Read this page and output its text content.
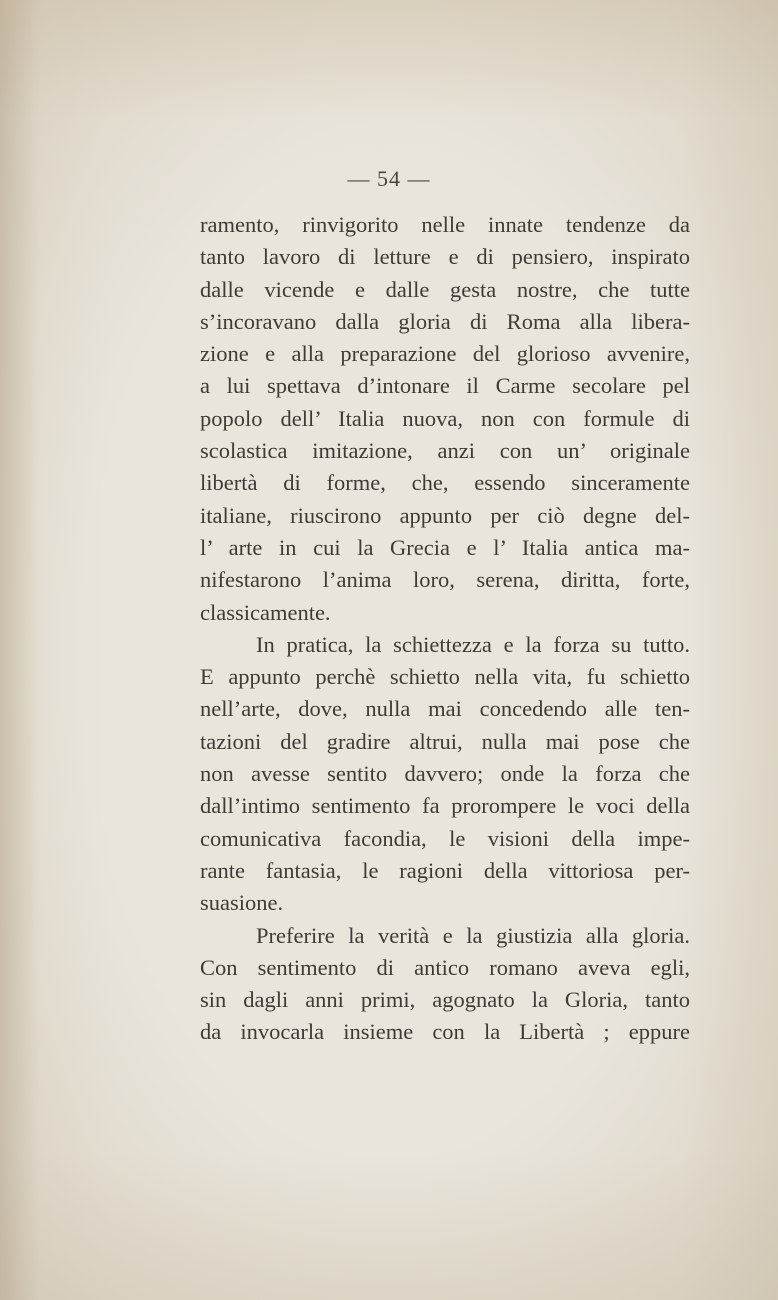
— 54 —
ramento, rinvigorito nelle innate tendenze da
tanto lavoro di letture e di pensiero, inspirato
dalle vicende e dalle gesta nostre, che tutte
s’incoravano dalla gloria di Roma alla libera-
zione e alla preparazione del glorioso avvenire,
a lui spettava d’intonare il Carme secolare pel
popolo dell’ Italia nuova, non con formule di
scolastica imitazione, anzi con un’ originale
libertà di forme, che, essendo sinceramente
italiane, riuscirono appunto per ciò degne del-
l’ arte in cui la Grecia e l’ Italia antica ma-
nifestarono l’anima loro, serena, diritta, forte,
classicamente.
In pratica, la schiettezza e la forza su tutto.
E appunto perchè schietto nella vita, fu schietto
nell’arte, dove, nulla mai concedendo alle ten-
tazioni del gradire altrui, nulla mai pose che
non avesse sentito davvero; onde la forza che
dall’intimo sentimento fa prorompere le voci della
comunicativa facondia, le visioni della impe-
rante fantasia, le ragioni della vittoriosa per-
suasione.
Preferire la verità e la giustizia alla gloria.
Con sentimento di antico romano aveva egli,
sin dagli anni primi, agognato la Gloria, tanto
da invocarla insieme con la Libertà ; eppure
